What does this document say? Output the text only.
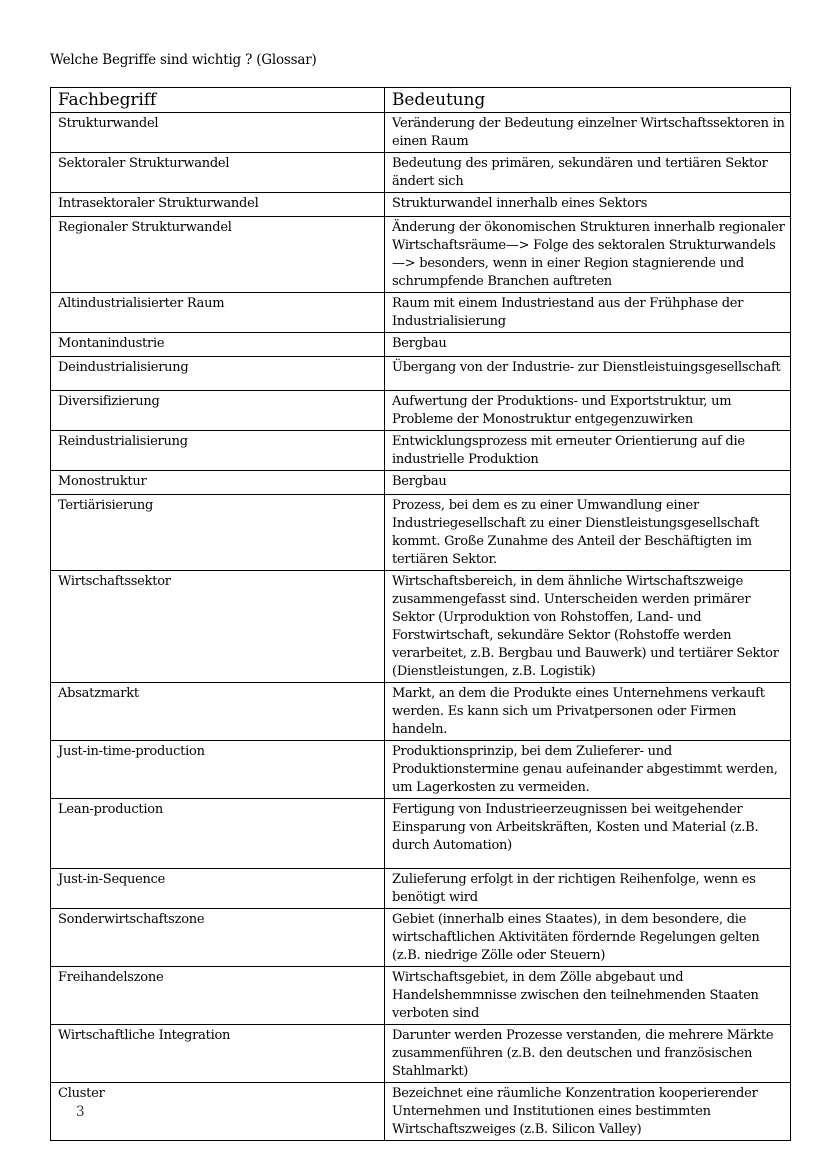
Welche Begriffe sind wichtig ? (Glossar)
Fachbegriff	Bedeutung
Strukturwandel	Veränderung der Bedeutung einzelner Wirtschaftssektoren in einen Raum
Sektoraler Strukturwandel	Bedeutung des primären, sekundären und tertiären Sektor ändert sich
Intrasektoraler Strukturwandel	Strukturwandel innerhalb eines Sektors
Regionaler Strukturwandel	Änderung der ökonomischen Strukturen innerhalb regionaler Wirtschaftsräume—> Folge des sektoralen Strukturwandels —> besonders, wenn in einer Region stagnierende und schrumpfende Branchen auftreten
Altindustrialisierter Raum	Raum mit einem Industriestand aus der Frühphase der Industrialisierung
Montanindustrie	Bergbau
Deindustrialisierung	Übergang von der Industrie- zur Dienstleistuingsgesellschaft
Diversifizierung	Aufwertung der Produktions- und Exportstruktur, um Probleme der Monostruktur entgegenzuwirken
Reindustrialisierung	Entwicklungsprozess mit erneuter Orientierung auf die industrielle Produktion
Monostruktur	Bergbau
Tertiärisierung	Prozess, bei dem es zu einer Umwandlung einer Industriegesellschaft zu einer Dienstleistungsgesellschaft kommt. Große Zunahme des Anteil der Beschäftigten im tertiären Sektor.
Wirtschaftssektor	Wirtschaftsbereich, in dem ähnliche Wirtschaftszweige zusammengefasst sind. Unterscheiden werden primärer Sektor (Urproduktion von Rohstoffen, Land- und Forstwirtschaft, sekundäre Sektor (Rohstoffe werden verarbeitet, z.B. Bergbau und Bauwerk) und tertiärer Sektor (Dienstleistungen, z.B. Logistik)
Absatzmarkt	Markt, an dem die Produkte eines Unternehmens verkauft werden. Es kann sich um Privatpersonen oder Firmen handeln.
Just-in-time-production	Produktionsprinzip, bei dem Zulieferer- und Produktionstermine genau aufeinander abgestimmt werden, um Lagerkosten zu vermeiden.
Lean-production	Fertigung von Industrieerzeugnissen bei weitgehender Einsparung von Arbeitskräften, Kosten und Material (z.B. durch Automation)
Just-in-Sequence	Zulieferung erfolgt in der richtigen Reihenfolge, wenn es benötigt wird
Sonderwirtschaftszone	Gebiet (innerhalb eines Staates), in dem besondere, die wirtschaftlichen Aktivitäten fördernde Regelungen gelten (z.B. niedrige Zölle oder Steuern)
Freihandelszone	Wirtschaftsgebiet, in dem Zölle abgebaut und Handelshemmnisse zwischen den teilnehmenden Staaten verboten sind
Wirtschaftliche Integration	Darunter werden Prozesse verstanden, die mehrere Märkte zusammenführen (z.B. den deutschen und französischen Stahlmarkt)
Cluster	Bezeichnet eine räumliche Konzentration kooperierender Unternehmen und Institutionen eines bestimmten Wirtschaftszweiges (z.B. Silicon Valley)
3
